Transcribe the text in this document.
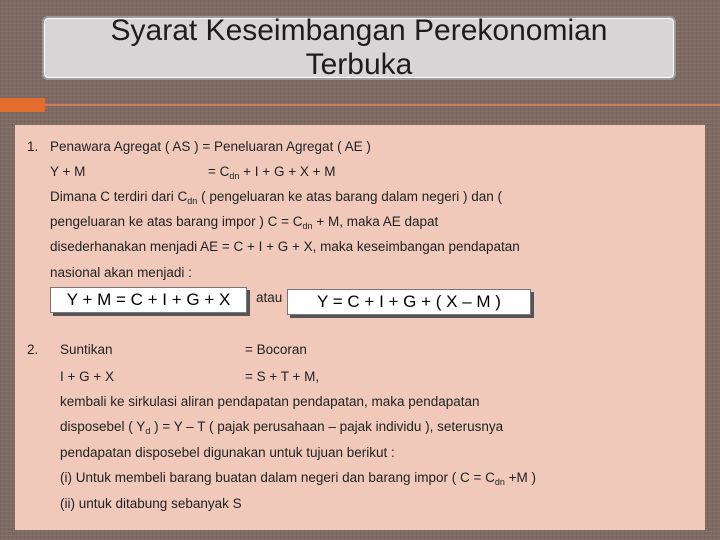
Syarat Keseimbangan Perekonomian
Terbuka
1. Penawara Agregat ( AS ) = Peneluaran Agregat ( AE )
Y + M	= $C_{dn} + I + G + X + M$
Dimana C terdiri dari $C_{dn}$ ( pengeluaran ke atas barang dalam negeri ) dan (
pengeluaran ke atas barang impor ) $C = C_{dn} + M$, maka AE dapat
disederhanakan menjadi AE = C + I + G + X, maka keseimbangan pendapatan
nasional akan menjadi :
Y + M = C + I + G + X	atau	Y = C + I + G + ( X – M )
2. Suntikan	= Bocoran
I + G + X	= S + T + M,
kembali ke sirkulasi aliran pendapatan pendapatan, maka pendapatan
disposebel ( $Y_d$ ) = Y – T ( pajak perusahaan – pajak individu ), seterusnya
pendapatan disposebel digunakan untuk tujuan berikut :
(i) Untuk membeli barang buatan dalam negeri dan barang impor ( $C = C_{dn} +M$ )
(ii) untuk ditabung sebanyak S
